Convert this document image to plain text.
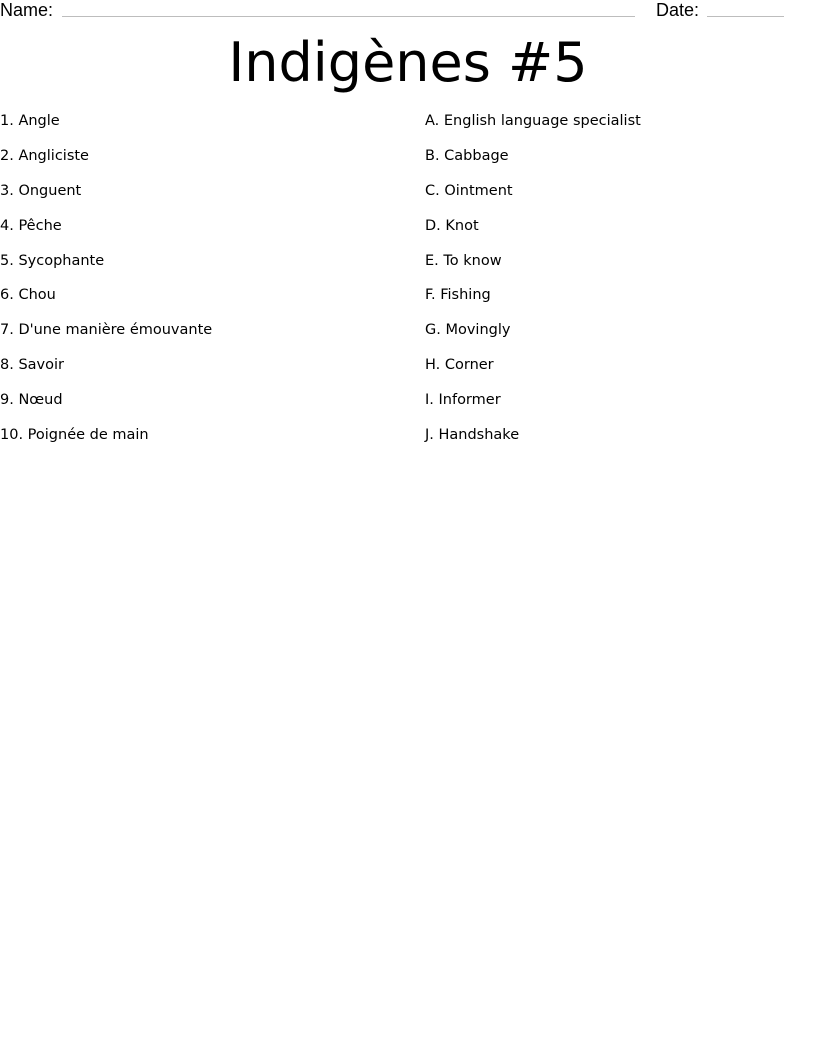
Name:	Date:
Indigènes #5
1. Angle
2. Angliciste
3. Onguent
4. Pêche
5. Sycophante
6. Chou
7. D'une manière émouvante
8. Savoir
9. Nœud
10. Poignée de main
A. English language specialist
B. Cabbage
C. Ointment
D. Knot
E. To know
F. Fishing
G. Movingly
H. Corner
I. Informer
J. Handshake
